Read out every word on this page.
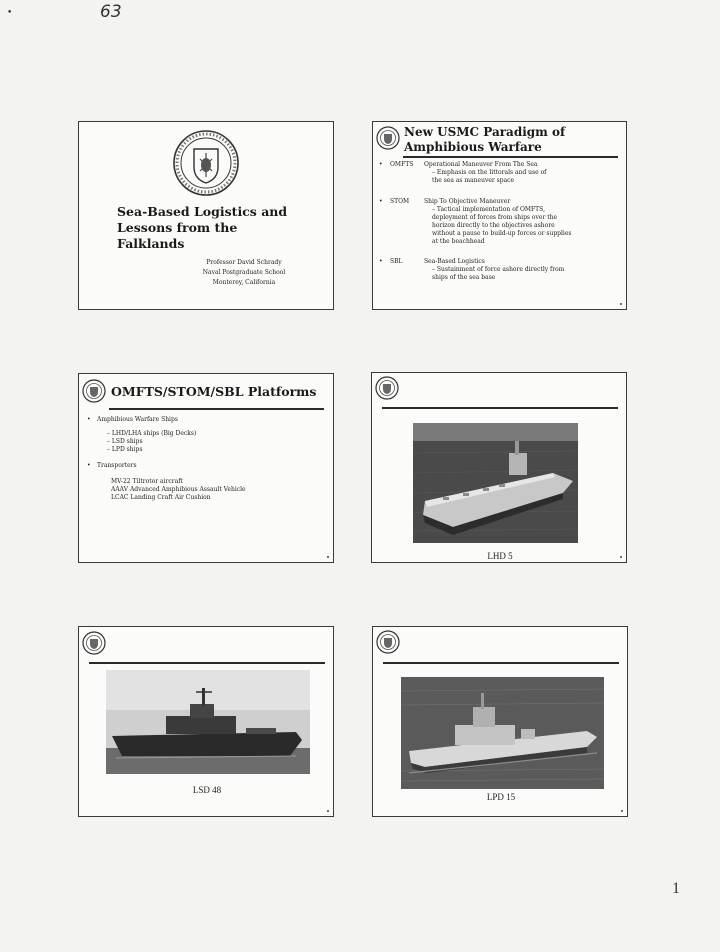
63
•
1
Sea-Based Logistics and
Lessons from the
Falklands
Professor David Schrady
Naval Postgraduate School
Monterey, California
New USMC Paradigm of
Amphibious Warfare
• OMFTS Operational Maneuver From The Sea
– Emphasis on the littorals and use of
the sea as maneuver space
• STOM Ship To Objective Maneuver
– Tactical implementation of OMFTS,
deployment of forces from ships over the
horizon directly to the objectives ashore
without a pause to build-up forces or supplies
at the beachhead
• SBL	Sea-Based Logistics
– Sustainment of force ashore directly from
ships of the sea base
OMFTS/STOM/SBL Platforms
• Amphibious Warfare Ships
– LHD/LHA ships (Big Decks)
– LSD ships
– LPD ships
• Transporters
MV-22 Tiltrotor aircraft
AAAV Advanced Amphibious Assault Vehicle
LCAC Landing Craft Air Cushion
LHD 5
LSD 48
LPD 15
